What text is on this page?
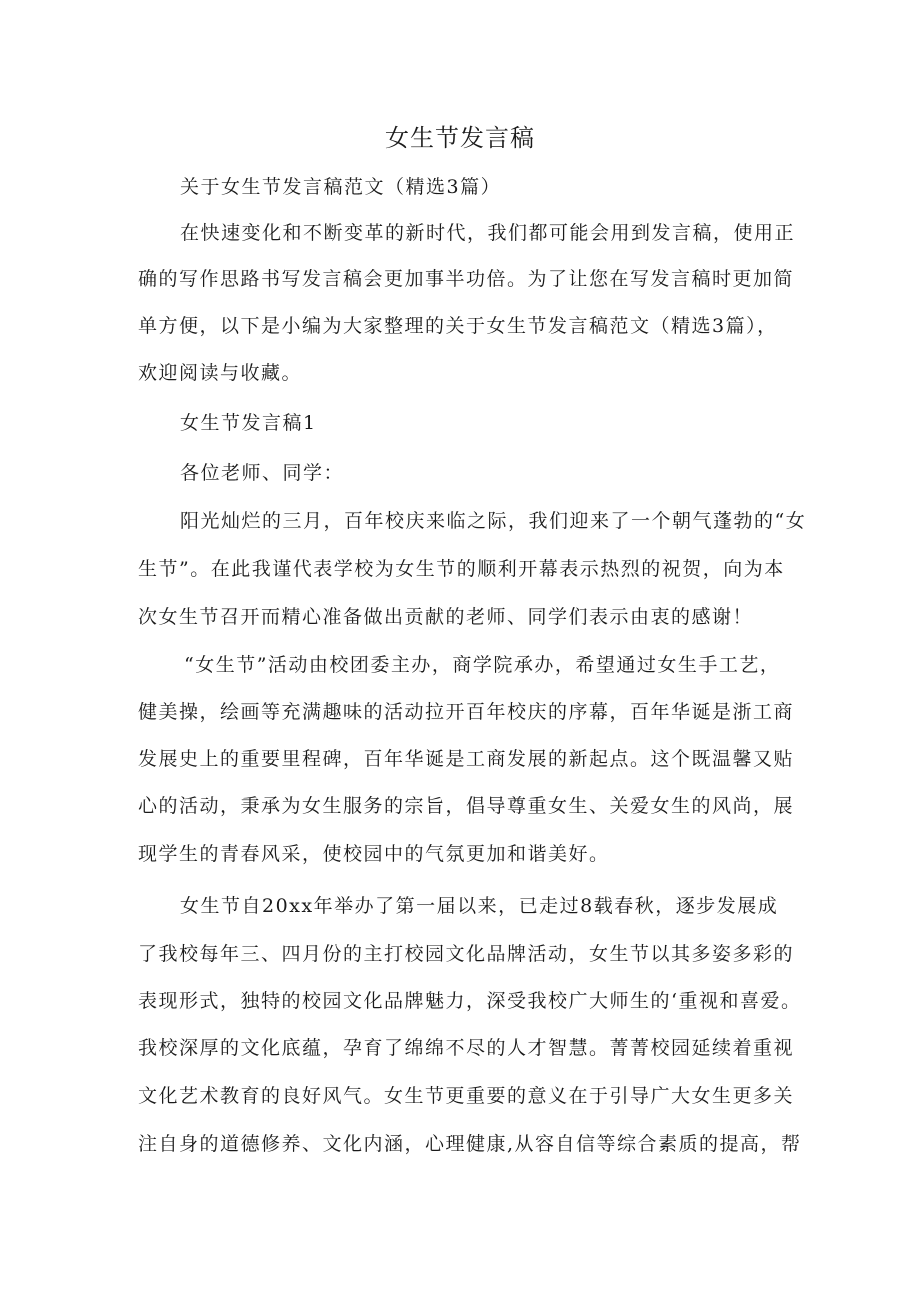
女生节发言稿
关于女生节发言稿范文（精选3篇）
在快速变化和不断变革的新时代，我们都可能会用到发言稿，使用正
确的写作思路书写发言稿会更加事半功倍。为了让您在写发言稿时更加简
单方便，以下是小编为大家整理的关于女生节发言稿范文（精选3篇），
欢迎阅读与收藏。
女生节发言稿1
各位老师、同学：
阳光灿烂的三月，百年校庆来临之际，我们迎来了一个朝气蓬勃的“女
生节”。在此我谨代表学校为女生节的顺利开幕表示热烈的祝贺，向为本
次女生节召开而精心准备做出贡献的老师、同学们表示由衷的感谢！
“女生节”活动由校团委主办，商学院承办，希望通过女生手工艺，
健美操，绘画等充满趣味的活动拉开百年校庆的序幕，百年华诞是浙工商
发展史上的重要里程碑，百年华诞是工商发展的新起点。这个既温馨又贴
心的活动，秉承为女生服务的宗旨，倡导尊重女生、关爱女生的风尚，展
现学生的青春风采，使校园中的气氛更加和谐美好。
女生节自20xx年举办了第一届以来，已走过8载春秋，逐步发展成
了我校每年三、四月份的主打校园文化品牌活动，女生节以其多姿多彩的
表现形式，独特的校园文化品牌魅力，深受我校广大师生的‘重视和喜爱。
我校深厚的文化底蕴，孕育了绵绵不尽的人才智慧。菁菁校园延续着重视
文化艺术教育的良好风气。女生节更重要的意义在于引导广大女生更多关
注自身的道德修养、文化内涵，心理健康,从容自信等综合素质的提高，帮
